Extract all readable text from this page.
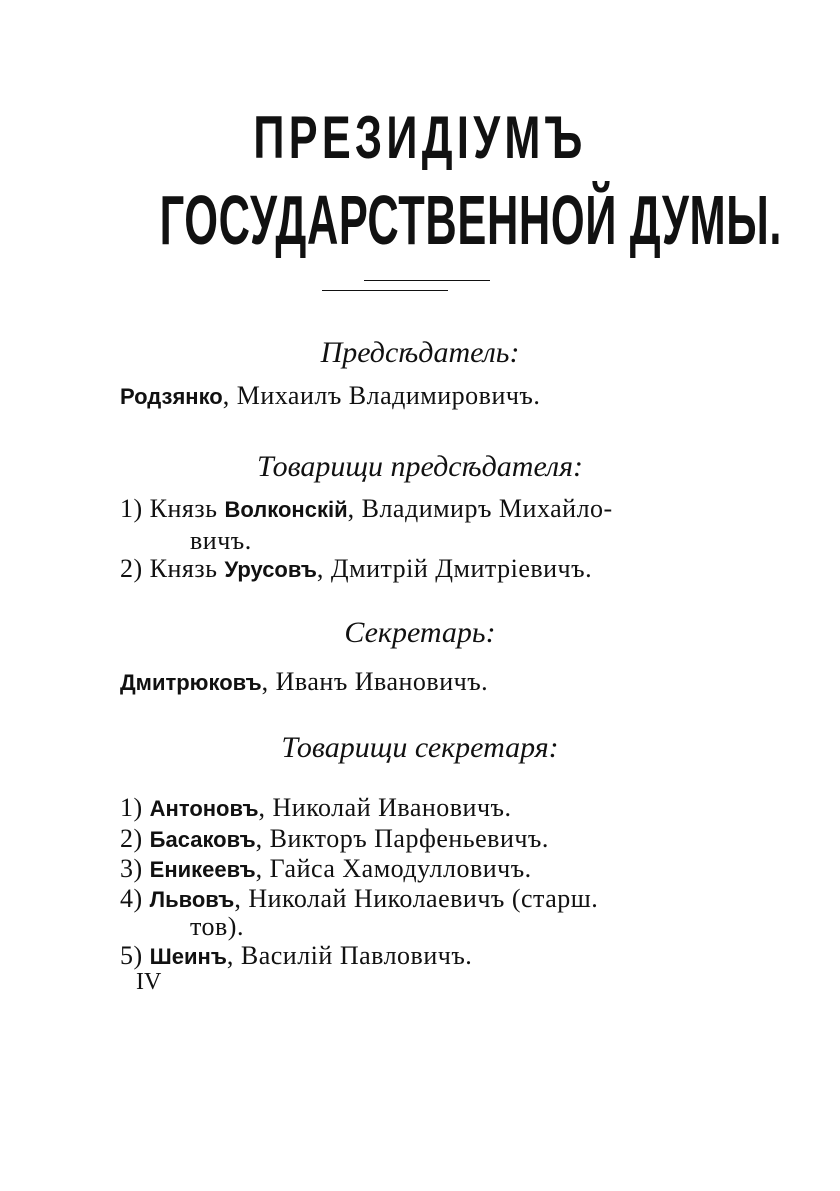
ПРЕЗИДІУМЪ
ГОСУДАРСТВЕННОЙ ДУМЫ.
Предсѣдатель:
Родзянко, Михаилъ Владимировичъ.
Товарищи предсѣдателя:
1) Князь Волконскій, Владимиръ Михайло-
вичъ.
2) Князь Урусовъ, Дмитрій Дмитріевичъ.
Секретарь:
Дмитрюковъ, Иванъ Ивановичъ.
Товарищи секретаря:
1) Антоновъ, Николай Ивановичъ.
2) Басаковъ, Викторъ Парфеньевичъ.
3) Еникеевъ, Гайса Хамодулловичъ.
4) Львовъ, Николай Николаевичъ (старш.
тов).
5) Шеинъ, Василій Павловичъ.
IV
